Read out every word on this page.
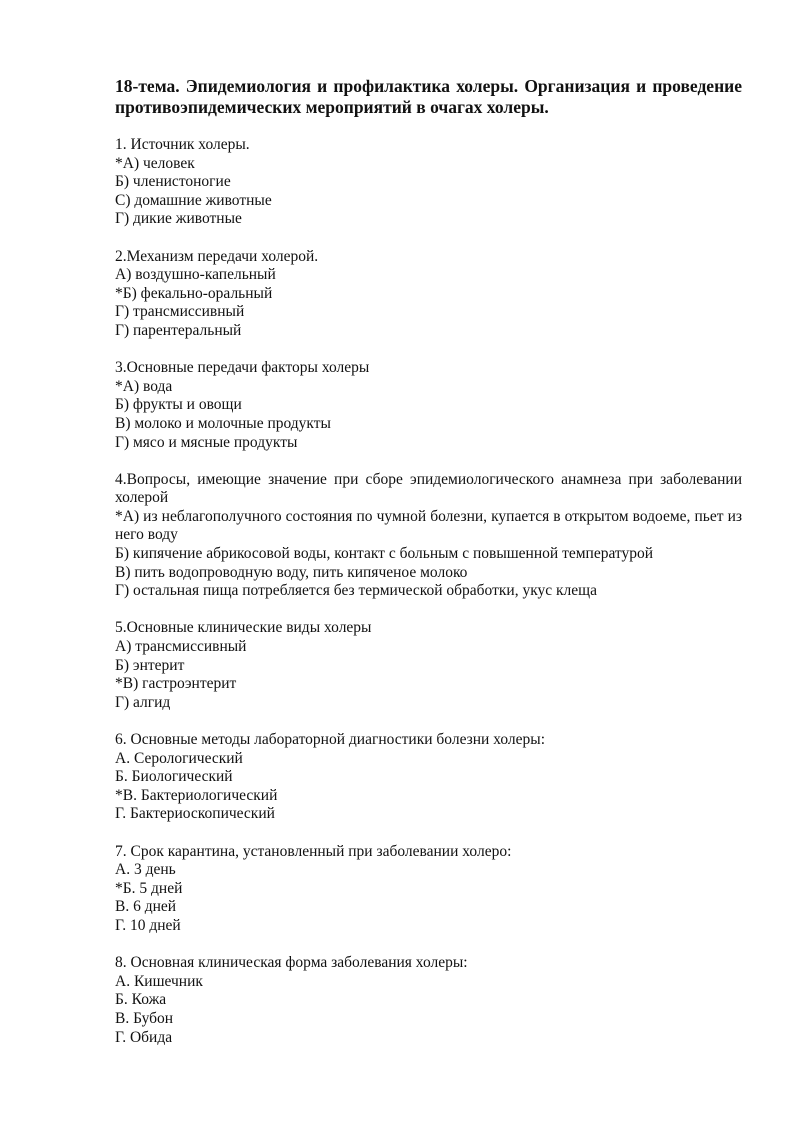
18-тема. Эпидемиология и профилактика холеры. Организация и проведение противоэпидемических мероприятий в очагах холеры.
1. Источник холеры.
*А) человек
Б) членистоногие
С) домашние животные
Г) дикие животные
2.Механизм передачи холерой.
А) воздушно-капельный
*Б) фекально-оральный
Г) трансмиссивный
Г) парентеральный
3.Основные передачи факторы холеры
*А) вода
Б) фрукты и овощи
В) молоко и молочные продукты
Г) мясо и мясные продукты
4.Вопросы, имеющие значение при сборе эпидемиологического анамнеза при заболевании холерой
*А) из неблагополучного состояния по чумной болезни, купается в открытом водоеме, пьет из него воду
Б) кипячение абрикосовой воды, контакт с больным с повышенной температурой
В) пить водопроводную воду, пить кипяченое молоко
Г) остальная пища потребляется без термической обработки, укус клеща
5.Основные клинические виды холеры
А) трансмиссивный
Б) энтерит
*В) гастроэнтерит
Г) алгид
6. Основные методы лабораторной диагностики болезни холеры:
А. Серологический
Б. Биологический
*В. Бактериологический
Г. Бактериоскопический
7. Срок карантина, установленный при заболевании холеро:
А. 3 день
*Б. 5 дней
В. 6 дней
Г. 10 дней
8. Основная клиническая форма заболевания холеры:
А. Кишечник
Б. Кожа
В. Бубон
Г. Обида
